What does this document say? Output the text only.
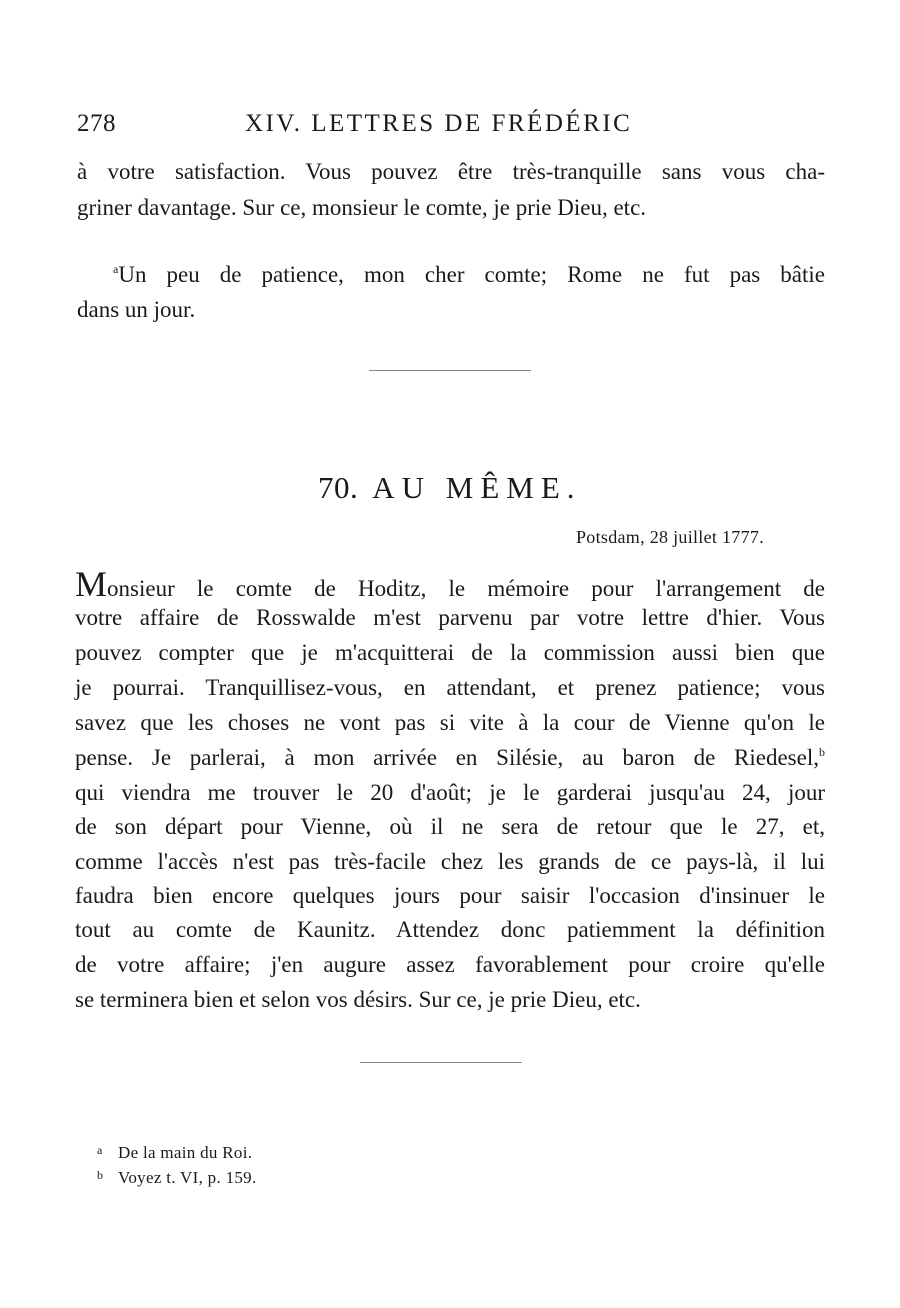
278	XIV. LETTRES DE FRÉDÉRIC
à votre satisfaction. Vous pouvez être très-tranquille sans vous cha-
griner davantage. Sur ce, monsieur le comte, je prie Dieu, etc.
$^a$Un peu de patience, mon cher comte; Rome ne fut pas bâtie
dans un jour.
70. AU MÊME.
Potsdam, 28 juillet 1777.
Monsieur le comte de Hoditz, le mémoire pour l'arrangement de
votre affaire de Rosswalde m'est parvenu par votre lettre d'hier. Vous
pouvez compter que je m'acquitterai de la commission aussi bien que
je pourrai. Tranquillisez-vous, en attendant, et prenez patience; vous
savez que les choses ne vont pas si vite à la cour de Vienne qu'on le
pense. Je parlerai, à mon arrivée en Silésie, au baron de Riedesel,$^b$
qui viendra me trouver le 20 d'août; je le garderai jusqu'au 24, jour
de son départ pour Vienne, où il ne sera de retour que le 27, et,
comme l'accès n'est pas très-facile chez les grands de ce pays-là, il lui
faudra bien encore quelques jours pour saisir l'occasion d'insinuer le
tout au comte de Kaunitz. Attendez donc patiemment la définition
de votre affaire; j'en augure assez favorablement pour croire qu'elle
se terminera bien et selon vos désirs. Sur ce, je prie Dieu, etc.
a De la main du Roi.
b Voyez t. VI, p. 159.
